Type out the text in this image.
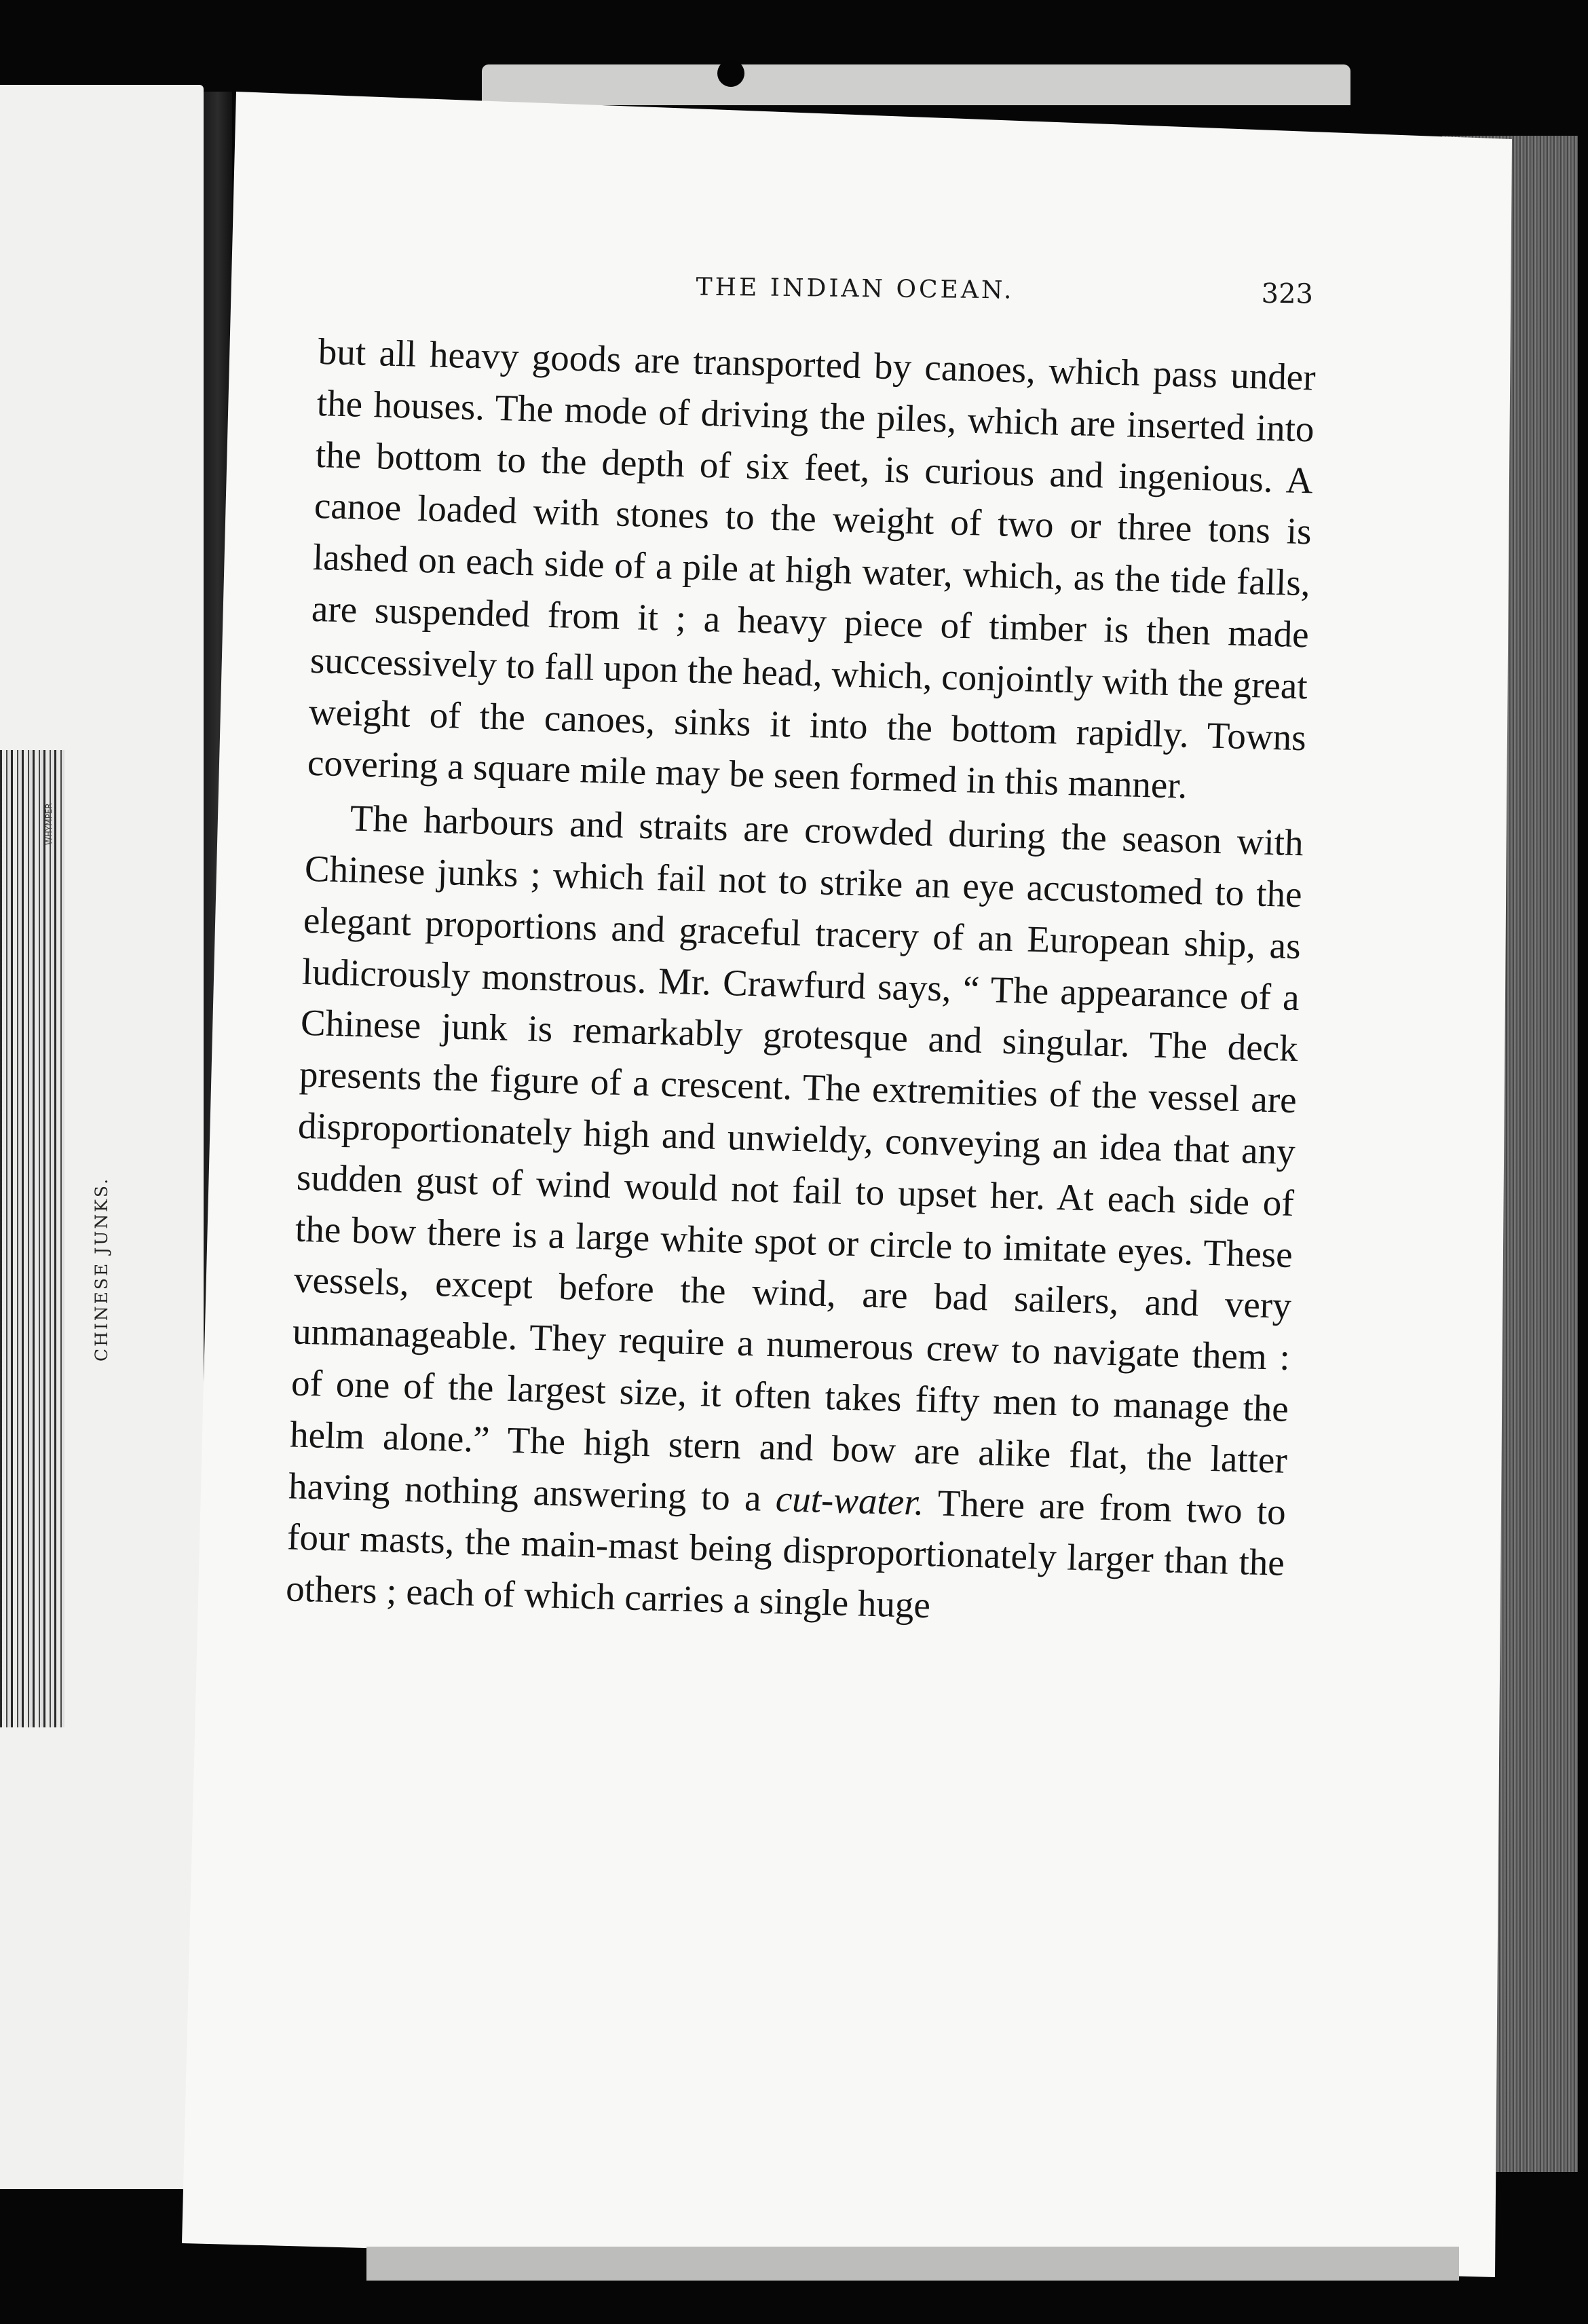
WHYMPER
CHINESE JUNKS.
THE INDIAN OCEAN.	323

but all heavy goods are transported by canoes, which pass under the houses. The mode of driving the piles, which are inserted into the bottom to the depth of six feet, is curious and ingenious. A canoe loaded with stones to the weight of two or three tons is lashed on each side of a pile at high water, which, as the tide falls, are suspended from it ; a heavy piece of timber is then made successively to fall upon the head, which, conjointly with the great weight of the canoes, sinks it into the bottom rapidly. Towns covering a square mile may be seen formed in this manner.

The harbours and straits are crowded during the season with Chinese junks ; which fail not to strike an eye accustomed to the elegant proportions and graceful tracery of an European ship, as ludicrously monstrous. Mr. Crawfurd says, “ The appearance of a Chinese junk is remarkably grotesque and singular. The deck presents the figure of a crescent. The extremities of the vessel are disproportionately high and unwieldy, conveying an idea that any sudden gust of wind would not fail to upset her. At each side of the bow there is a large white spot or circle to imitate eyes. These vessels, except before the wind, are bad sailers, and very unmanageable. They require a numerous crew to navigate them : of one of the largest size, it often takes fifty men to manage the helm alone.” The high stern and bow are alike flat, the latter having nothing answering to a cut-water. There are from two to four masts, the main-mast being disproportionately larger than the others ; each of which carries a single huge
